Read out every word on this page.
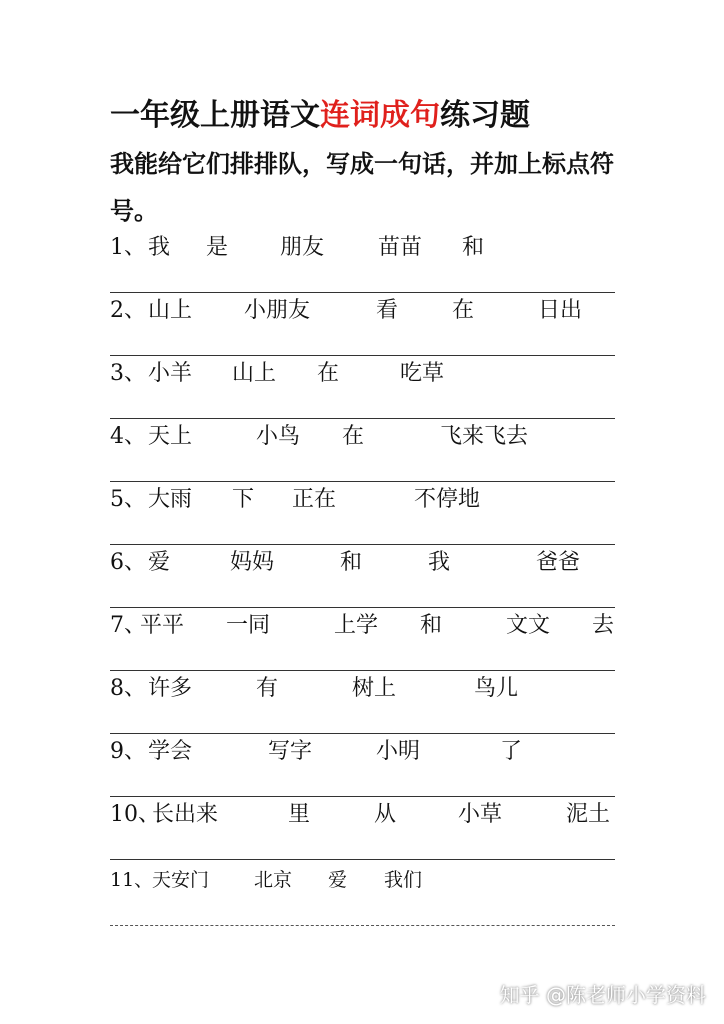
一年级上册语文连词成句练习题
我能给它们排排队，写成一句话，并加上标点符
号。
1、 我 是 朋友 苗苗 和
2、 山上 小朋友	看 在	日出
3、 小羊 山上 在	吃草
4、 天上	小鸟 在	飞来飞去
5、 大雨 下 正在	不停地
6、 爱	妈妈	和	我	爸爸
7、
平平 一同	上学 和	文文 去
8、 许多	有	树上	鸟儿
9、 学会	写字	小明	了
10、
长出来	里	从	小草	泥土
11、
天安门 北京 爱 我们
知乎 @陈老师小学资料
